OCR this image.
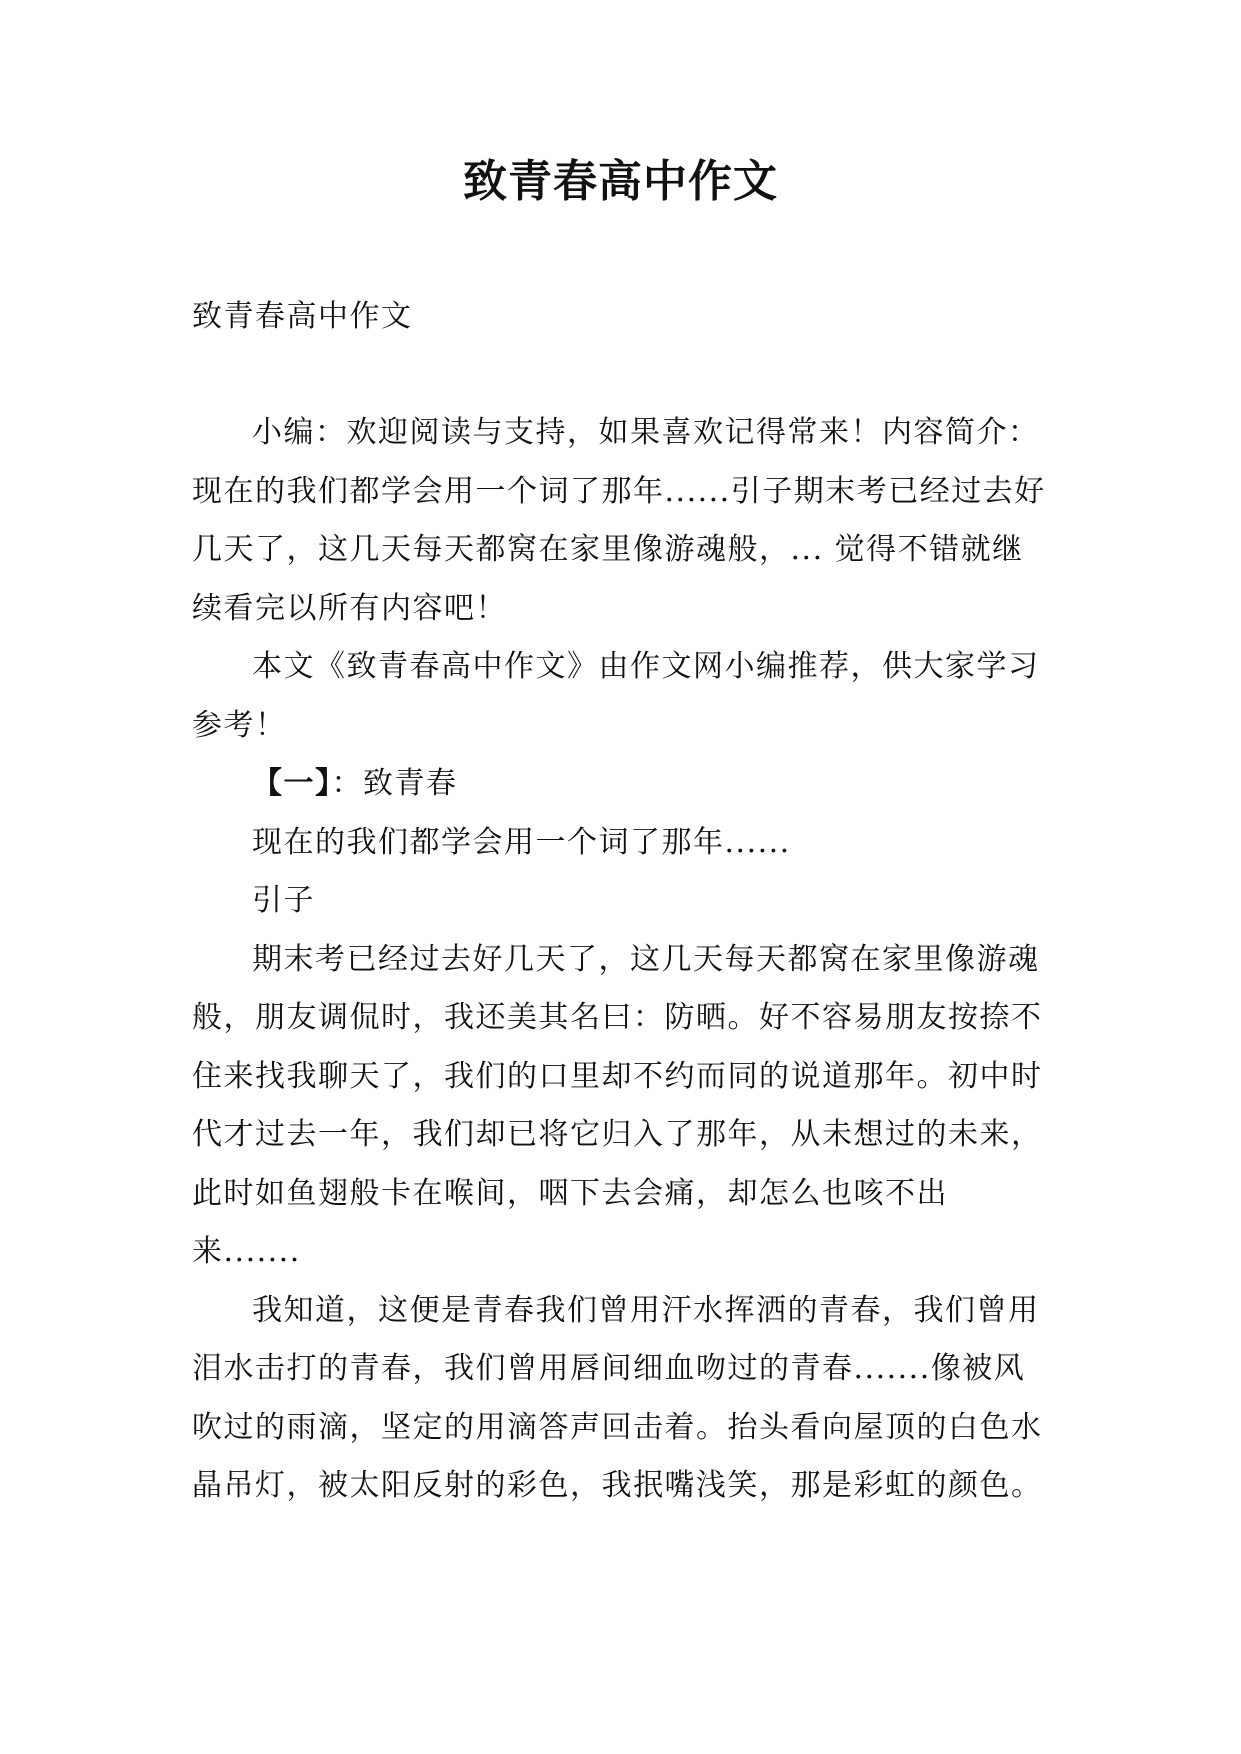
致青春高中作文
致青春高中作文

小编：欢迎阅读与支持，如果喜欢记得常来！内容简介：现在的我们都学会用一个词了那年......引子期末考已经过去好几天了，这几天每天都窝在家里像游魂般，... 觉得不错就继续看完以所有内容吧！

本文《致青春高中作文》由作文网小编推荐，供大家学习参考！

【一】：致青春

现在的我们都学会用一个词了那年......

引子

期末考已经过去好几天了，这几天每天都窝在家里像游魂般，朋友调侃时，我还美其名曰：防晒。好不容易朋友按捺不住来找我聊天了，我们的口里却不约而同的说道那年。初中时代才过去一年，我们却已将它归入了那年，从未想过的未来，此时如鱼翅般卡在喉间，咽下去会痛，却怎么也咳不出来.......

我知道，这便是青春我们曾用汗水挥洒的青春，我们曾用泪水击打的青春，我们曾用唇间细血吻过的青春.......像被风吹过的雨滴，坚定的用滴答声回击着。抬头看向屋顶的白色水晶吊灯，被太阳反射的彩色，我抿嘴浅笑，那是彩虹的颜色。
